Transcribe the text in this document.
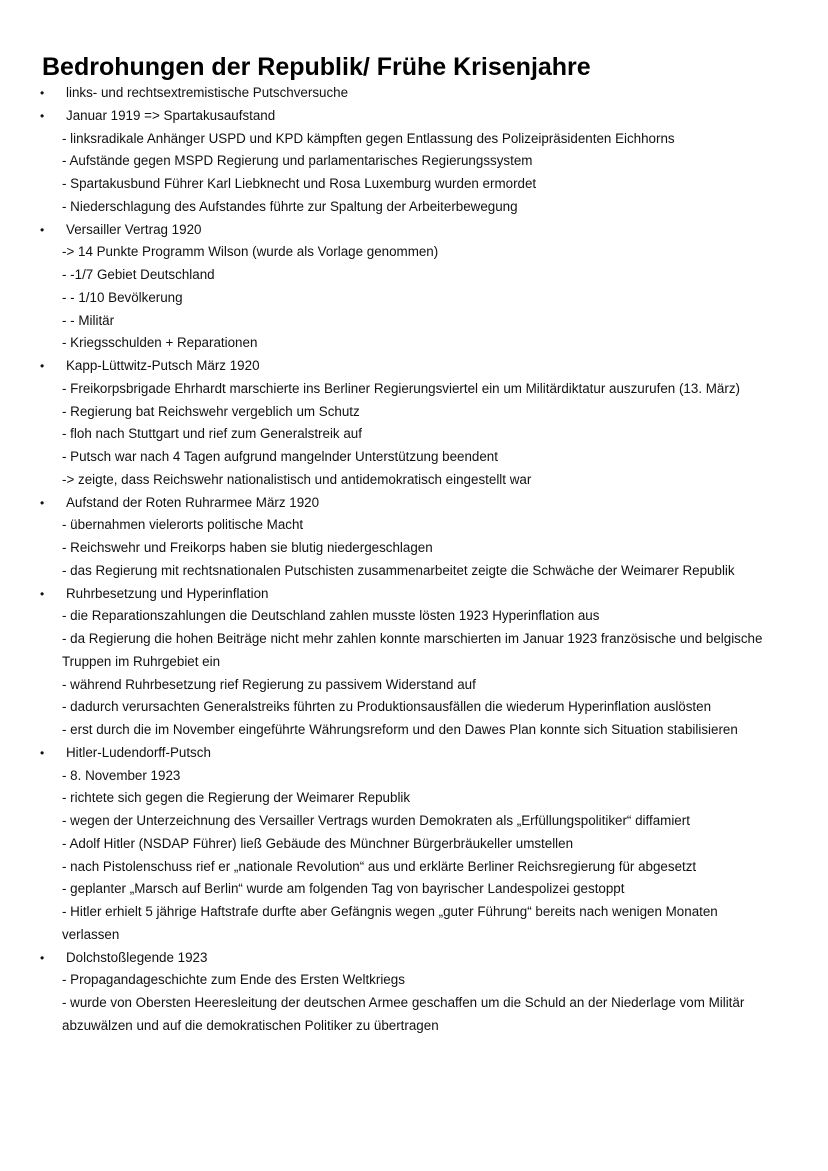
Bedrohungen der Republik/ Frühe Krisenjahre
• links- und rechtsextremistische Putschversuche
• Januar 1919 => Spartakusaufstand
- linksradikale Anhänger USPD und KPD kämpften gegen Entlassung des Polizeipräsidenten Eichhorns
- Aufstände gegen MSPD Regierung und parlamentarisches Regierungssystem
- Spartakusbund Führer Karl Liebknecht und Rosa Luxemburg wurden ermordet
- Niederschlagung des Aufstandes führte zur Spaltung der Arbeiterbewegung
• Versailler Vertrag 1920
-> 14 Punkte Programm Wilson (wurde als Vorlage genommen)
- -1/7 Gebiet Deutschland
- - 1/10 Bevölkerung
- - Militär
- Kriegsschulden + Reparationen
• Kapp-Lüttwitz-Putsch März 1920
- Freikorpsbrigade Ehrhardt marschierte ins Berliner Regierungsviertel ein um Militärdiktatur auszurufen (13. März)
- Regierung bat Reichswehr vergeblich um Schutz
- floh nach Stuttgart und rief zum Generalstreik auf
- Putsch war nach 4 Tagen aufgrund mangelnder Unterstützung beendent
-> zeigte, dass Reichswehr nationalistisch und antidemokratisch eingestellt war
• Aufstand der Roten Ruhrarmee März 1920
- übernahmen vielerorts politische Macht
- Reichswehr und Freikorps haben sie blutig niedergeschlagen
- das Regierung mit rechtsnationalen Putschisten zusammenarbeitet zeigte die Schwäche der Weimarer Republik
• Ruhrbesetzung und Hyperinflation
- die Reparationszahlungen die Deutschland zahlen musste lösten 1923 Hyperinflation aus
- da Regierung die hohen Beiträge nicht mehr zahlen konnte marschierten im Januar 1923 französische und belgische
Truppen im Ruhrgebiet ein
- während Ruhrbesetzung rief Regierung zu passivem Widerstand auf
- dadurch verursachten Generalstreiks führten zu Produktionsausfällen die wiederum Hyperinflation auslösten
- erst durch die im November eingeführte Währungsreform und den Dawes Plan konnte sich Situation stabilisieren
• Hitler-Ludendorff-Putsch
- 8. November 1923
- richtete sich gegen die Regierung der Weimarer Republik
- wegen der Unterzeichnung des Versailler Vertrags wurden Demokraten als „Erfüllungspolitiker“ diffamiert
- Adolf Hitler (NSDAP Führer) ließ Gebäude des Münchner Bürgerbräukeller umstellen
- nach Pistolenschuss rief er „nationale Revolution“ aus und erklärte Berliner Reichsregierung für abgesetzt
- geplanter „Marsch auf Berlin“ wurde am folgenden Tag von bayrischer Landespolizei gestoppt
- Hitler erhielt 5 jährige Haftstrafe durfte aber Gefängnis wegen „guter Führung“ bereits nach wenigen Monaten
verlassen
• Dolchstoßlegende 1923
- Propagandageschichte zum Ende des Ersten Weltkriegs
- wurde von Obersten Heeresleitung der deutschen Armee geschaffen um die Schuld an der Niederlage vom Militär
abzuwälzen und auf die demokratischen Politiker zu übertragen
